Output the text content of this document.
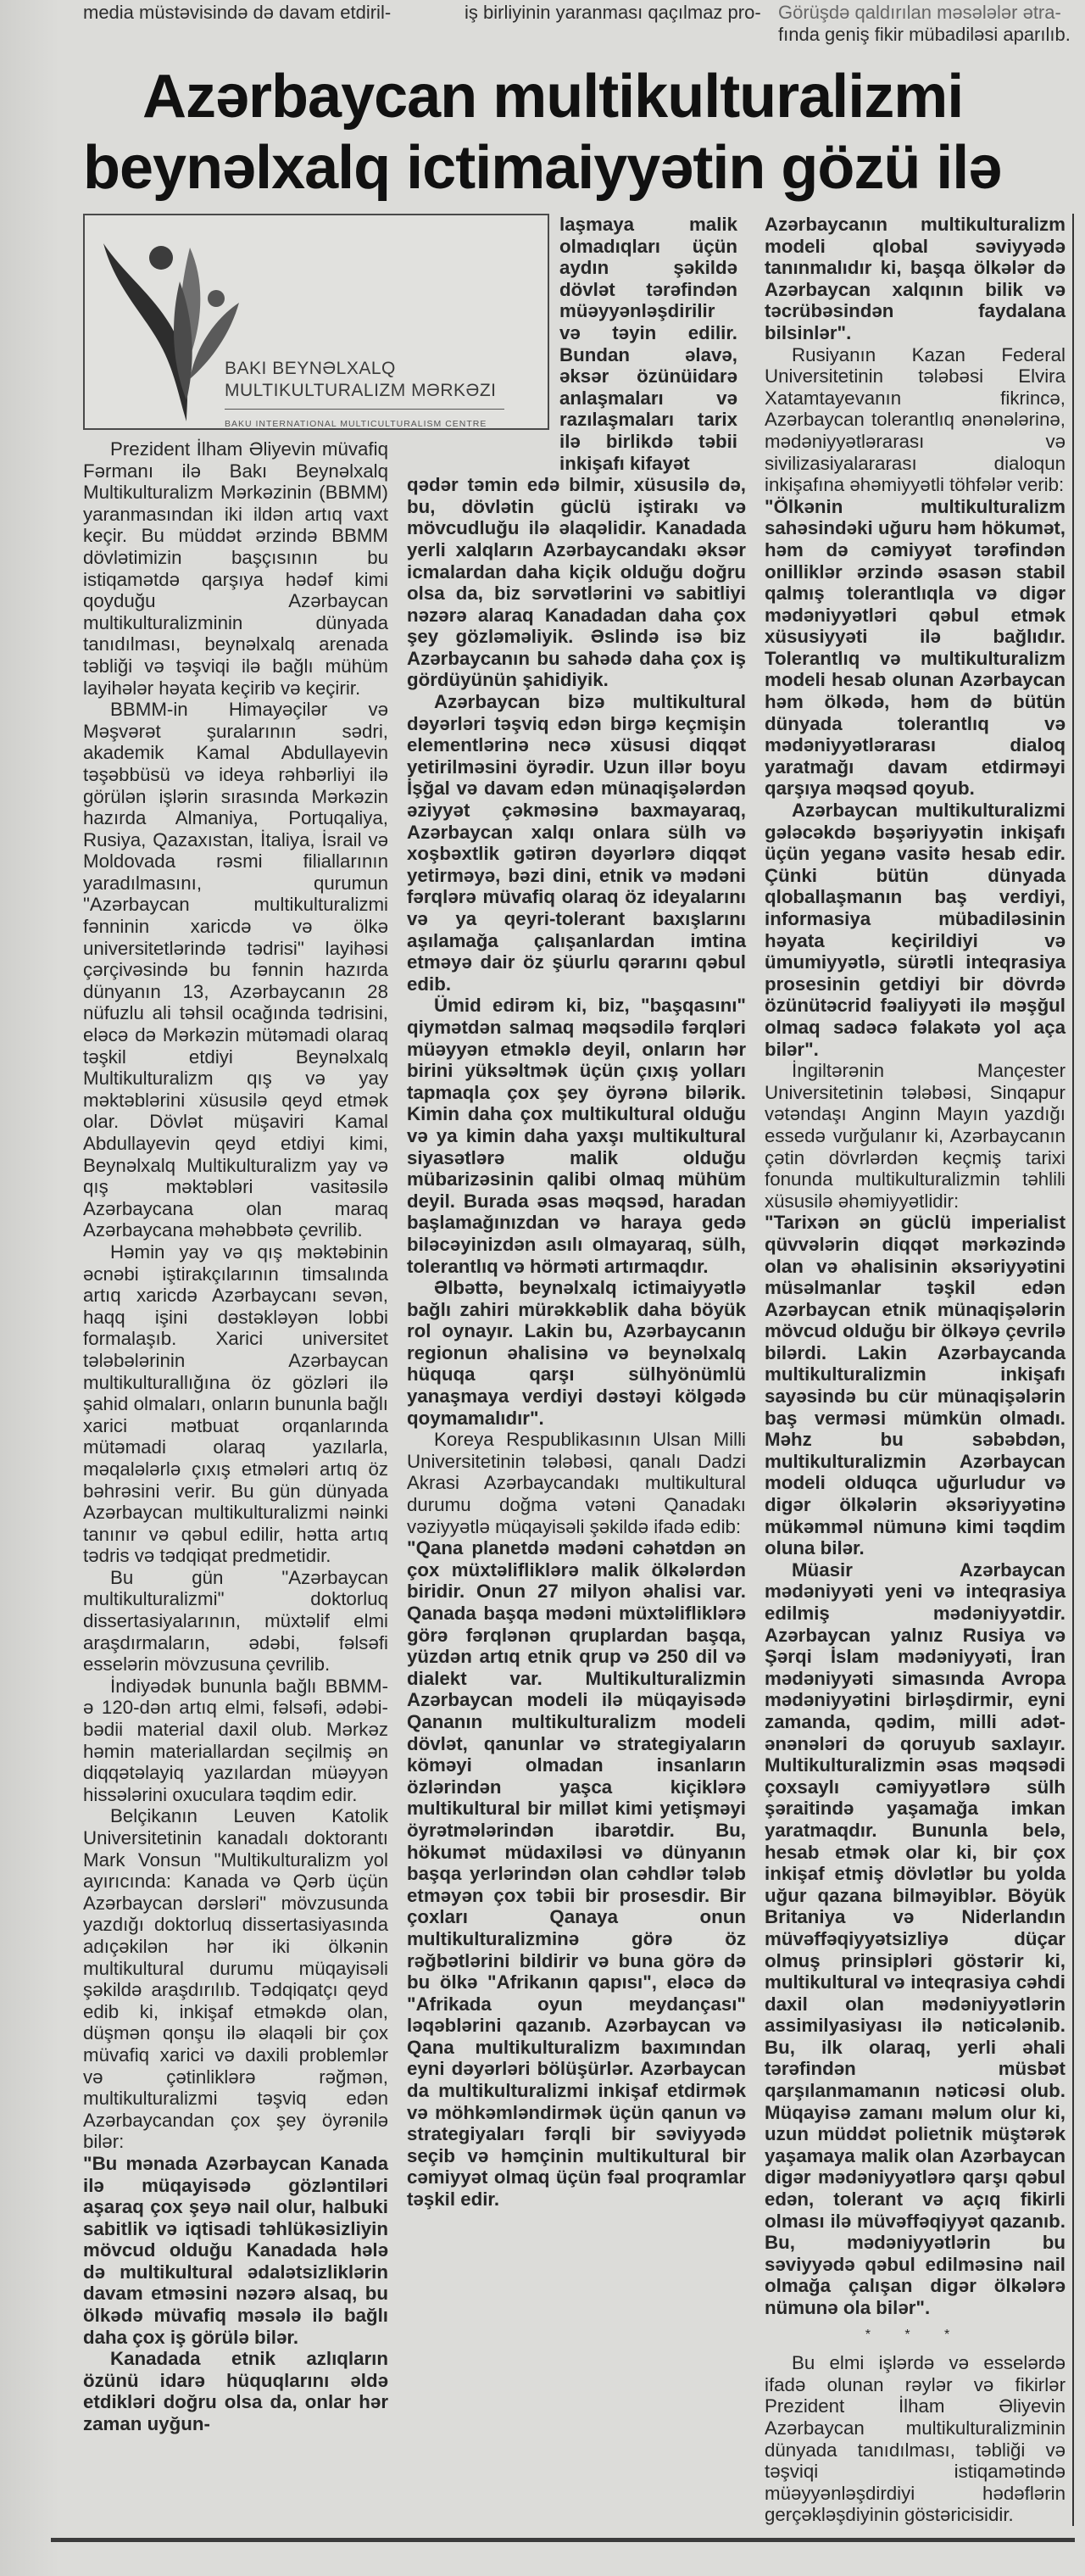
media müstəvisində də davam etdiril-	iş birliyinin yaranması qaçılmaz pro- Görüşdə qaldırılan məsələlər ətra-
fında geniş fikir mübadiləsi aparılıb.
Azərbaycan multikulturalizmi
beynəlxalq ictimaiyyətin gözü ilə
BAKI BEYNƏLXALQ
MULTIKULTURALIZM MƏRKƏZI
BAKU INTERNATIONAL MULTICULTURALISM CENTRE

Prezident İlham Əliyevin müvafiq Fərmanı ilə Bakı Beynəlxalq Multikulturalizm Mərkəzinin (BBMM) yaranmasından iki ildən artıq vaxt keçir. Bu müddət ərzində BBMM dövlətimizin başçısının bu istiqamətdə qarşıya hədəf kimi qoyduğu Azərbaycan multikulturalizminin dünyada tanıdılması, beynəlxalq arenada təbliği və təşviqi ilə bağlı mühüm layihələr həyata keçirib və keçirir.

BBMM-in Himayəçilər və Məşvərət şuralarının sədri, akademik Kamal Abdullayevin təşəbbüsü və ideya rəhbərliyi ilə görülən işlərin sırasında Mərkəzin hazırda Almaniya, Portuqaliya, Rusiya, Qazaxıstan, İtaliya, İsrail və Moldovada rəsmi filiallarının yaradılmasını, qurumun "Azərbaycan multikulturalizmi fənninin xaricdə və ölkə universitetlərində tədrisi" layihəsi çərçivəsində bu fənnin hazırda dünyanın 13, Azərbaycanın 28 nüfuzlu ali təhsil ocağında tədrisini, eləcə də Mərkəzin mütəmadi olaraq təşkil etdiyi Beynəlxalq Multikulturalizm qış və yay məktəblərini xüsusilə qeyd etmək olar. Dövlət müşaviri Kamal Abdullayevin qeyd etdiyi kimi, Beynəlxalq Multikulturalizm yay və qış məktəbləri vasitəsilə Azərbaycana olan maraq Azərbaycana məhəbbətə çevrilib.

Həmin yay və qış məktəbinin əcnəbi iştirakçılarının timsalında artıq xaricdə Azərbaycanı sevən, haqq işini dəstəkləyən lobbi formalaşıb. Xarici universitet tələbələrinin Azərbaycan multikulturallığına öz gözləri ilə şahid olmaları, onların bununla bağlı xarici mətbuat orqanlarında mütəmadi olaraq yazılarla, məqalələrlə çıxış etmələri artıq öz bəhrəsini verir. Bu gün dünyada Azərbaycan multikulturalizmi nəinki tanınır və qəbul edilir, hətta artıq tədris və tədqiqat predmetidir.

Bu gün "Azərbaycan multikulturalizmi" doktorluq dissertasiyalarının, müxtəlif elmi araşdırmaların, ədəbi, fəlsəfi esselərin mövzusuna çevrilib.

İndiyədək bununla bağlı BBMM-ə 120-dən artıq elmi, fəlsəfi, ədəbi-bədii material daxil olub. Mərkəz həmin materiallardan seçilmiş ən diqqətəlayiq yazılardan müəyyən hissələrini oxuculara təqdim edir.

Belçikanın Leuven Katolik Universitetinin kanadalı doktorantı Mark Vonsun "Multikulturalizm yol ayırıcında: Kanada və Qərb üçün Azərbaycan dərsləri" mövzusunda yazdığı doktorluq dissertasiyasında adıçəkilən hər iki ölkənin multikultural durumu müqayisəli şəkildə araşdırılıb. Tədqiqatçı qeyd edib ki, inkişaf etməkdə olan, düşmən qonşu ilə əlaqəli bir çox müvafiq xarici və daxili problemlər və çətinliklərə rəğmən, multikulturalizmi təşviq edən Azərbaycandan çox şey öyrənilə bilər:

"Bu mənada Azərbaycan Kanada ilə müqayisədə gözləntiləri aşaraq çox şeyə nail olur, halbuki sabitlik və iqtisadi təhlükəsizliyin mövcud olduğu Kanadada hələ də multikultural ədalətsizliklərin davam etməsini nəzərə alsaq, bu ölkədə müvafiq məsələ ilə bağlı daha çox iş görülə bilər.

Kanadada etnik azlıqların özünü idarə hüquqlarını əldə etdikləri doğru olsa da, onlar hər zaman uyğun-

laşmaya malik olmadıqları üçün aydın şəkildə dövlət tərəfindən müəyyənləşdirilir və təyin edilir. Bundan əlavə, əksər özünüidarə anlaşmaları və razılaşmaları tarix ilə birlikdə təbii inkişafı kifayət

qədər təmin edə bilmir, xüsusilə də, bu, dövlətin güclü iştirakı və mövcudluğu ilə əlaqəlidir. Kanadada yerli xalqların Azərbaycandakı əksər icmalardan daha kiçik olduğu doğru olsa da, biz sərvətlərini və sabitliyi nəzərə alaraq Kanadadan daha çox şey gözləməliyik. Əslində isə biz Azərbaycanın bu sahədə daha çox iş gördüyünün şahidiyik.

Azərbaycan bizə multikultural dəyərləri təşviq edən birgə keçmişin elementlərinə necə xüsusi diqqət yetirilməsini öyrədir. Uzun illər boyu İşğal və davam edən münaqişələrdən əziyyət çəkməsinə baxmayaraq, Azərbaycan xalqı onlara sülh və xoşbəxtlik gətirən dəyərlərə diqqət yetirməyə, bəzi dini, etnik və mədəni fərqlərə müvafiq olaraq öz ideyalarını və ya qeyri-tolerant baxışlarını aşılamağa çalışanlardan imtina etməyə dair öz şüurlu qərarını qəbul edib.

Ümid edirəm ki, biz, "başqasını" qiymətdən salmaq məqsədilə fərqləri müəyyən etməklə deyil, onların hər birini yüksəltmək üçün çıxış yolları tapmaqla çox şey öyrənə bilərik. Kimin daha çox multikultural olduğu və ya kimin daha yaxşı multikultural siyasətlərə malik olduğu mübarizəsinin qalibi olmaq mühüm deyil. Burada əsas məqsəd, haradan başlamağınızdan və haraya gedə biləcəyinizdən asılı olmayaraq, sülh, tolerantlıq və hörməti artırmaqdır.

Əlbəttə, beynəlxalq ictimaiyyətlə bağlı zahiri mürəkkəblik daha böyük rol oynayır. Lakin bu, Azərbaycanın regionun əhalisinə və beynəlxalq hüquqa qarşı sülhyönümlü yanaşmaya verdiyi dəstəyi kölgədə qoymamalıdır".

Koreya Respublikasının Ulsan Milli Universitetinin tələbəsi, qanalı Dadzi Akrasi Azərbaycandakı multikultural durumu doğma vətəni Qanadakı vəziyyətlə müqayisəli şəkildə ifadə edib:

"Qana planetdə mədəni cəhətdən ən çox müxtəlifliklərə malik ölkələrdən biridir. Onun 27 milyon əhalisi var. Qanada başqa mədəni müxtəlifliklərə görə fərqlənən qruplardan başqa, yüzdən artıq etnik qrup və 250 dil və dialekt var. Multikulturalizmin Azərbaycan modeli ilə müqayisədə Qananın multikulturalizm modeli dövlət, qanunlar və strategiyaların köməyi olmadan insanların özlərindən yaşca kiçiklərə multikultural bir millət kimi yetişməyi öyrətmələrindən ibarətdir. Bu, hökumət müdaxiləsi və dünyanın başqa yerlərindən olan cəhdlər tələb etməyən çox təbii bir prosesdir. Bir çoxları Qanaya onun multikulturalizminə görə öz rəğbətlərini bildirir və buna görə də bu ölkə "Afrikanın qapısı", eləcə də "Afrikada oyun meydançası" ləqəblərini qazanıb. Azərbaycan və Qana multikulturalizm baxımından eyni dəyərləri bölüşürlər. Azərbaycan da multikulturalizmi inkişaf etdirmək və möhkəmləndirmək üçün qanun və strategiyaları fərqli bir səviyyədə seçib və həmçinin multikultural bir cəmiyyət olmaq üçün fəal proqramlar təşkil edir.

Azərbaycanın multikulturalizm modeli qlobal səviyyədə tanınmalıdır ki, başqa ölkələr də Azərbaycan xalqının bilik və təcrübəsindən faydalana bilsinlər".

Rusiyanın Kazan Federal Universitetinin tələbəsi Elvira Xatamtayevanın fikrincə, Azərbaycan tolerantlıq ənənələrinə, mədəniyyətlərarası və sivilizasiyalararası dialoqun inkişafına əhəmiyyətli töhfələr verib:

"Ölkənin multikulturalizm sahəsindəki uğuru həm hökumət, həm də cəmiyyət tərəfindən onilliklər ərzində əsasən stabil qalmış tolerantlıqla və digər mədəniyyətləri qəbul etmək xüsusiyyəti ilə bağlıdır. Tolerantlıq və multikulturalizm modeli hesab olunan Azərbaycan həm ölkədə, həm də bütün dünyada tolerantlıq və mədəniyyətlərarası dialoq yaratmağı davam etdirməyi qarşıya məqsəd qoyub.

Azərbaycan multikulturalizmi gələcəkdə bəşəriyyətin inkişafı üçün yeganə vasitə hesab edir. Çünki bütün dünyada qloballaşmanın baş verdiyi, informasiya mübadiləsinin həyata keçirildiyi və ümumiyyətlə, sürətli inteqrasiya prosesinin getdiyi bir dövrdə özünütəcrid fəaliyyəti ilə məşğul olmaq sadəcə fəlakətə yol aça bilər".

İngiltərənin Mançester Universitetinin tələbəsi, Sinqapur vətəndaşı Anginn Mayın yazdığı essedə vurğulanır ki, Azərbaycanın çətin dövrlərdən keçmiş tarixi fonunda multikulturalizmin təhlili xüsusilə əhəmiyyətlidir:

"Tarixən ən güclü imperialist qüvvələrin diqqət mərkəzində olan və əhalisinin əksəriyyətini müsəlmanlar təşkil edən Azərbaycan etnik münaqişələrin mövcud olduğu bir ölkəyə çevrilə bilərdi. Lakin Azərbaycanda multikulturalizmin inkişafı sayəsində bu cür münaqişələrin baş verməsi mümkün olmadı. Məhz bu səbəbdən, multikulturalizmin Azərbaycan modeli olduqca uğurludur və digər ölkələrin əksəriyyətinə mükəmməl nümunə kimi təqdim oluna bilər.

Müasir Azərbaycan mədəniyyəti yeni və inteqrasiya edilmiş mədəniyyətdir. Azərbaycan yalnız Rusiya və Şərqi İslam mədəniyyəti, İran mədəniyyəti simasında Avropa mədəniyyətini birləşdirmir, eyni zamanda, qədim, milli adət-ənənələri də qoruyub saxlayır. Multikulturalizmin əsas məqsədi çoxsaylı cəmiyyətlərə sülh şəraitində yaşamağa imkan yaratmaqdır. Bununla belə, hesab etmək olar ki, bir çox inkişaf etmiş dövlətlər bu yolda uğur qazana bilməyiblər. Böyük Britaniya və Niderlandın müvəffəqiyyətsizliyə düçar olmuş prinsipləri göstərir ki, multikultural və inteqrasiya cəhdi daxil olan mədəniyyətlərin assimilyasiyası ilə nəticələnib. Bu, ilk olaraq, yerli əhali tərəfindən müsbət qarşılanmamanın nəticəsi olub. Müqayisə zamanı məlum olur ki, uzun müddət polietnik müştərək yaşamaya malik olan Azərbaycan digər mədəniyyətlərə qarşı qəbul edən, tolerant və açıq fikirli olması ilə müvəffəqiyyət qazanıb. Bu, mədəniyyətlərin bu səviyyədə qəbul edilməsinə nail olmağa çalışan digər ölkələrə nümunə ola bilər".

* * *

Bu elmi işlərdə və esselərdə ifadə olunan rəylər və fikirlər Prezident İlham Əliyevin Azərbaycan multikulturalizminin dünyada tanıdılması, təbliği və təşviqi istiqamətində müəyyənləşdirdiyi hədəflərin gerçəkləşdiyinin göstəricisidir.
